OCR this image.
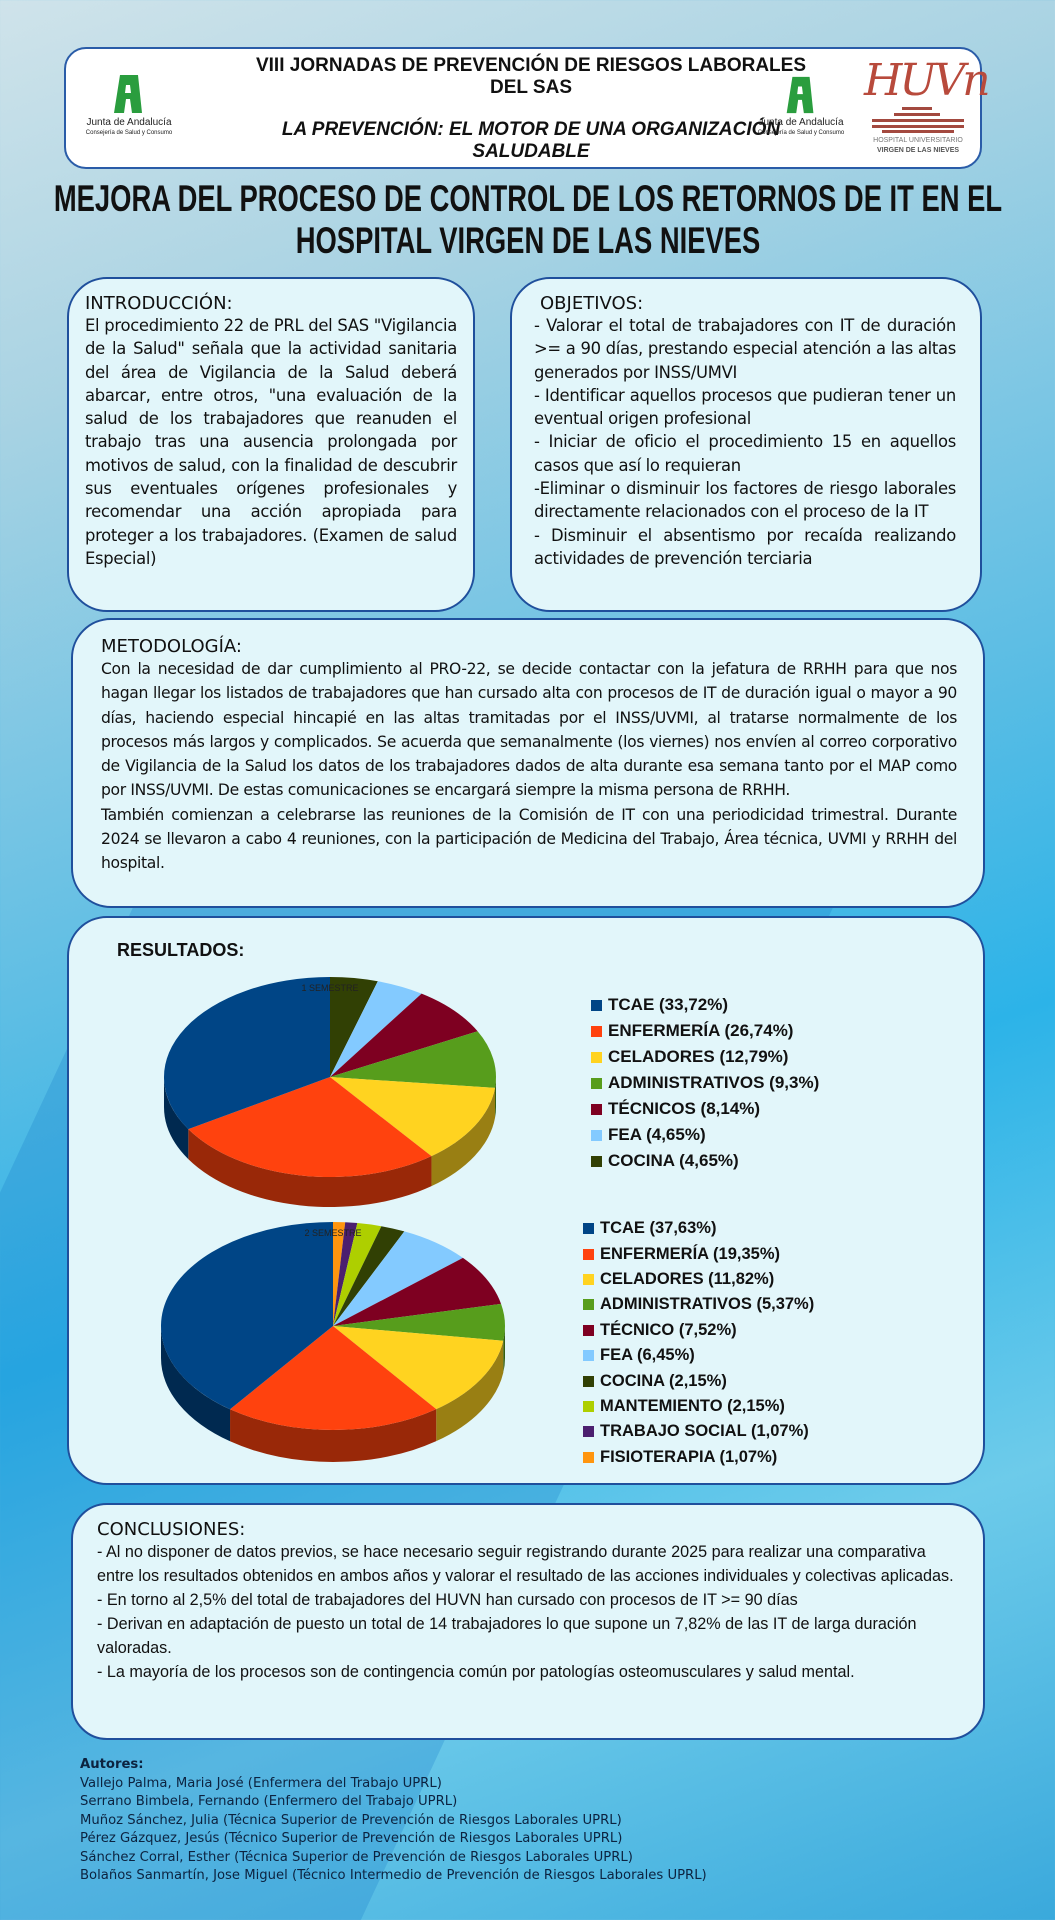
VIII JORNADAS DE PREVENCIÓN DE RIESGOS LABORALES DEL SAS
LA PREVENCIÓN: EL MOTOR DE UNA ORGANIZACIÓN SALUDABLE
Junta de Andalucía
Consejería de Salud y Consumo
Junta de Andalucía
Consejería de Salud y Consumo
HUVn
HOSPITAL UNIVERSITARIO
VIRGEN DE LAS NIEVES
MEJORA DEL PROCESO DE CONTROL DE LOS RETORNOS DE IT EN EL HOSPITAL VIRGEN DE LAS NIEVES
INTRODUCCIÓN:
El procedimiento 22 de PRL del SAS "Vigilancia de la Salud" señala que la actividad sanitaria del área de Vigilancia de la Salud deberá abarcar, entre otros, "una evaluación de la salud de los trabajadores que reanuden el trabajo tras una ausencia prolongada por motivos de salud, con la finalidad de descubrir sus eventuales orígenes profesionales y recomendar una acción apropiada para proteger a los trabajadores. (Examen de salud Especial)
OBJETIVOS:
- Valorar el total de trabajadores con IT de duración >= a 90 días, prestando especial atención a las altas generados por INSS/UMVI
- Identificar aquellos procesos que pudieran tener un eventual origen profesional
- Iniciar de oficio el procedimiento 15 en aquellos casos que así lo requieran
-Eliminar o disminuir los factores de riesgo laborales directamente relacionados con el proceso de la IT
- Disminuir el absentismo por recaída realizando actividades de prevención terciaria
METODOLOGÍA:
Con la necesidad de dar cumplimiento al PRO-22, se decide contactar con la jefatura de RRHH para que nos hagan llegar los listados de trabajadores que han cursado alta con procesos de IT de duración igual o mayor a 90 días, haciendo especial hincapié en las altas tramitadas por el INSS/UVMI, al tratarse normalmente de los procesos más largos y complicados. Se acuerda que semanalmente (los viernes) nos envíen al correo corporativo de Vigilancia de la Salud los datos de los trabajadores dados de alta durante esa semana tanto por el MAP como por INSS/UVMI. De estas comunicaciones se encargará siempre la misma persona de RRHH.
También comienzan a celebrarse las reuniones de la Comisión de IT con una periodicidad trimestral. Durante 2024 se llevaron a cabo 4 reuniones, con la participación de Medicina del Trabajo, Área técnica, UVMI y RRHH del hospital.
RESULTADOS:
1 SEMESTRE
2 SEMESTRE
TCAE (33,72%)
ENFERMERÍA (26,74%)
CELADORES (12,79%)
ADMINISTRATIVOS (9,3%)
TÉCNICOS (8,14%)
FEA (4,65%)
COCINA (4,65%)
TCAE (37,63%)
ENFERMERÍA (19,35%)
CELADORES (11,82%)
ADMINISTRATIVOS (5,37%)
TÉCNICO (7,52%)
FEA (6,45%)
COCINA (2,15%)
MANTEMIENTO (2,15%)
TRABAJO SOCIAL (1,07%)
FISIOTERAPIA (1,07%)
CONCLUSIONES:
- Al no disponer de datos previos, se hace necesario seguir registrando durante 2025 para realizar una comparativa entre los resultados obtenidos en ambos años y valorar el resultado de las acciones individuales y colectivas aplicadas.
- En torno al 2,5% del total de trabajadores del HUVN han cursado con procesos de IT >= 90 días
- Derivan en adaptación de puesto un total de 14 trabajadores lo que supone un 7,82% de las IT de larga duración valoradas.
- La mayoría de los procesos son de contingencia común por patologías osteomusculares y salud mental.
Autores:
Vallejo Palma, Maria José (Enfermera del Trabajo UPRL)
Serrano Bimbela, Fernando (Enfermero del Trabajo UPRL)
Muñoz Sánchez, Julia (Técnica Superior de Prevención de Riesgos Laborales UPRL)
Pérez Gázquez, Jesús (Técnico Superior de Prevención de Riesgos Laborales UPRL)
Sánchez Corral, Esther (Técnica Superior de Prevención de Riesgos Laborales UPRL)
Bolaños Sanmartín, Jose Miguel (Técnico Intermedio de Prevención de Riesgos Laborales UPRL)
